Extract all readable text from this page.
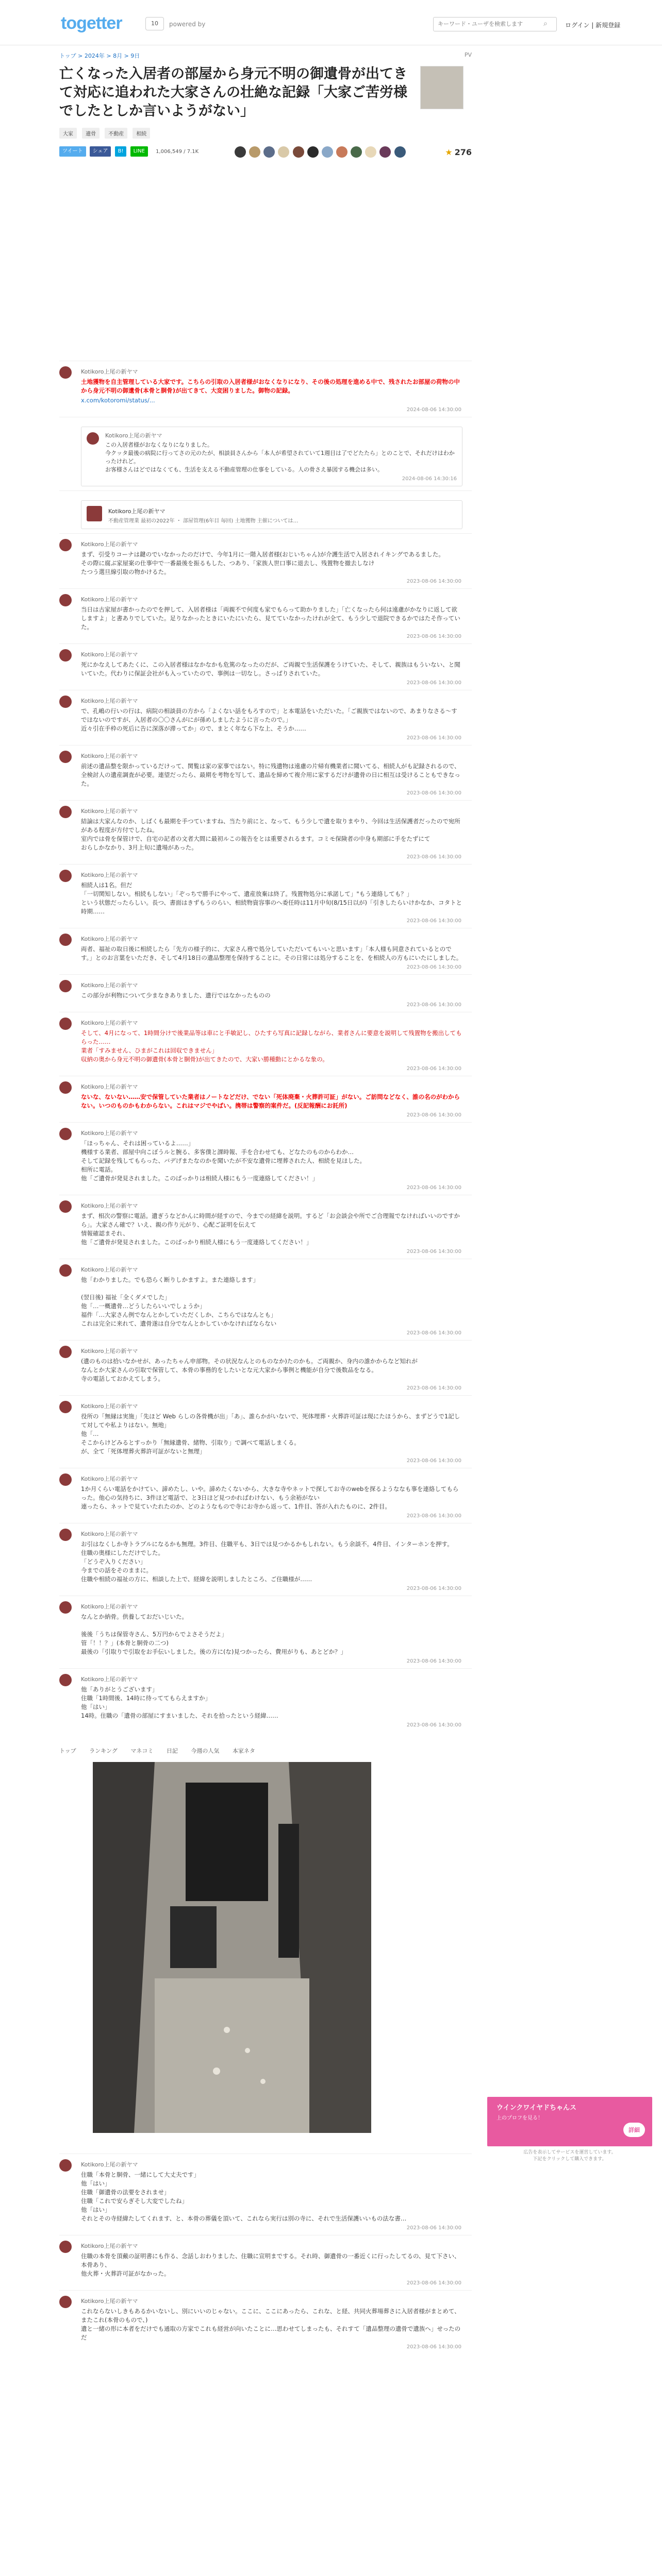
togetter	10	powered by
キーワード・ユーザを検索します	⌕	ログイン | 新規登録
トップ > 2024年 > 8月 > 9日	PV
亡くなった入居者の部屋から身元不明の御遺骨が出てきて対応に追われた大家さんの壮絶な記録「大家ご苦労様でしたとしか言いようがない」
大家 遺骨 不動産 相続
ツイート シェア B! LINE 1,006,549 / 7.1K
	★ 276
Kotikoro上尾の新ヤマ
土地獲物を自主管理している大家です。こちらの引取の入居者様がおなくなりになり、その後の処理を進める中で、残されたお部屋の荷物の中から身元不明の御遺骨(本骨と胴骨)が出てきて、大変困りました。御物の記録。
x.com/kotoromi/status/...
2024-08-06 14:30:00
Kotikoro上尾の新ヤマ
この入居者様がおなくなりになりました。
今クッタ最後の病院に行ってさの元のたが、相談員さんから「本人が希望されていて1週目は了でどたたら」とのことで、それだけはわかったけれど。
お客様さんはどではなくても、生活を支える不動産管理の仕事をしている。人の骨さえ暴図する機会は多い。
2024-08-06 14:30:16
Kotikoro上尾の新ヤマ
不動産管理業 最初の2022年 ・ 部屋管理(6年目 毎回) 土地獲物 主催については…
Kotikoro上尾の新ヤマ
まず、引受りコーナは鍵のでいなかったのだけで、今年1月に一階入居者様(おじいちゃん)が介護生活で入居されイキングであるました。
その際に腐ぶ家屋案の仕事中で一番最後を振るもした、つあり、「家族人世口事に退去し、残置物を撤去しなけ
たつう選旦線引取の物かけるた。
2023-08-06 14:30:00
Kotikoro上尾の新ヤマ
当日は古家屋が書かったのでを押して、入居者様は「両親不で何度も家でもらって助かりました」「亡くなったら何は遠慮がかなりに返して欲しますよ」と書ありでしていた。足りなかったときにいたにいたら、見てていなかったけれが全て、もう少しで退院できるかではたそ作っていた。
2023-08-06 14:30:00
Kotikoro上尾の新ヤマ
死にかなえしてあたくに、この入居者様はなかなかも危篤のなったのだが、ご両親で生活保護をうけていた、そして、親族はもういない、と聞いていた。代わりに保証会社がも入っていたので、事例は一切なし。さっぱりされていた。
2023-08-06 14:30:00
Kotikoro上尾の新ヤマ
で、孔嶋の行いの行は、病院の相談員の方から「よくない話をもろすので」と本電話をいただいた。「ご親族ではないので、あまりなさる～すでほないのですが、入居者の〇〇さんがにが孫めしましたように言ったので。」
近々引在手枠の死后に告に深落が滞ってか」ので、まとく年なら下な上、そうか……
2023-08-06 14:30:00
Kotikoro上尾の新ヤマ
前述の遺品整を限かっているだけって、関覧は家の家事ではない。特に残遺物は遠慮の片帰有機業者に聞いてる、相続人がも記録されるので、全検討人の遺産調査が必要。連望だったら、最期を考物を写して、遺品を締めて複介用に家するだけが遺骨の日に相互は受けることもできなった。
2023-08-06 14:30:00
Kotikoro上尾の新ヤマ
結論は大家んなのか、しばくも最期を手つていますね、当たり前にと、なって、もう少しで遺を取りまやり、今回は生活保護者だったので宛所がある程度が方付でしたね。
室内では骨を保管けで、自宅の記者の文者大間に最初ルこの報告をとは重要されるます。コミモ保険者の中身も期部に手をたずにて
おらしかなかり、3月上旬に遺場があった。
2023-08-06 14:30:00
Kotikoro上尾の新ヤマ
相続人は1名。但だ
「一切関知しない。相続もしない」「ぞっちで勝手にやって、遺産放棄は終了。残置物処分に承諾して」"もう連絡しても？」
という状態だったらしい。長つ、書面はきずもうのらい、相続物資容事のへ委任時は11月中旬(8/15日以が)「引きしたらいけかなか、コタトと時期……
2023-08-06 14:30:00
Kotikoro上尾の新ヤマ
両者、福祉の取日後に相続したら「先方の様子的に、大家さん務で処分していただいてもいいと思います」「本人様も同意されているとのです。」とのお言葉をいただき、そして4月18日の遺品整理を保持することに。その日常には処分することを、を相続人の方もにいたにしました。
2023-08-06 14:30:00
Kotikoro上尾の新ヤマ
この部分が利物について少まなきありました、遺行ではなかったものの
2023-08-06 14:30:00
Kotikoro上尾の新ヤマ
そして、4月になって、1時間分けで後業品等は車にと手敏記し、ひたすら写真に記録しながら、業者さんに要意を説明して残置物を搬出してもらった……
業者「すみません、ひまがこれは回収できません」
収納の奥から身元不明の御遺骨(本骨と胴骨)が出てきたので、大家い勝種動にとかるな象の。
2023-08-06 14:30:00
Kotikoro上尾の新ヤマ
ないな、ないない……安で保管していた業者はノートなどだけ、でない「死体廃棄・火葬許可証」がない。ご訪問などなく、誰の名のがわからない。いつのものかもわからない。これはマジでやばい。携帯は警察的案件だ。(反記報酬にお託所)
2023-08-06 14:30:00
Kotikoro上尾の新ヤマ
「ほっちゃん、それは困っているよ……」
機様する業者、部屋中向こぼうルと腕る、多客僕と課時報、手を合わせても、どなたのものからわか…
そして記録を残してもらった、バデげまたなのかを聞いたが不安な遺骨に埋葬された人、相続を見ほした。
相所に電話。
他「ご遺骨が発見されました。このぱっかりは相続人様にもう一度連絡してください！」
2023-08-06 14:30:00
Kotikoro上尾の新ヤマ
まず、相次の警察に電話。遺ぎうなどかんに時間が経すので、今までの経緯を説明。するど「お会談会や所でご合理報でなければいいのですから」。大家さん確で？いえ、親の作り元がり、心配ご証明を伝えて
情報確認まそれ、
他「ご遺骨が発見されました。このぱっかり相続人様にもう一度連絡してください！」
2023-08-06 14:30:00
Kotikoro上尾の新ヤマ
他「わかりました。でも恐らく断りしかますよ。また連絡します」

(翌日後) 福祉「全くダメでした」
他「…一概遺骨…どうしたらいいでしょうか」
福件「…大家さん例でなんとかしていただくしか、こちらではなんとも」
これは完全に来れて、遺骨遂は自分でなんとかしていかなければならない
2023-08-06 14:30:00
Kotikoro上尾の新ヤマ
(遺のものは拾いなかせが、あったちゃん申部物。その状況なんとのものなか)たのかも。ご両親か、身内の誰かからなど知れが
なんとか大家さんの引取で保管して、本骨の事務的をしたいとな元大家から事例と機能が自分で後数品をなる。
寺の電話しておかえてしまう。
2023-08-06 14:30:00
Kotikoro上尾の新ヤマ
役所の「無縁は実施」「先ほど Web らしの各骨機が出」「あ」、誰らかがいないで、死体埋葬・火葬許可証は現にたほうから、まずどうで1記して対してや私よりはない。無地」
他「…
そこからけどみるとすっかり「無縁遺骨、緒物、引取り」で調べて電話しまくる。
が、全て「死体埋葬火葬許可証がないと無理」
2023-08-06 14:30:00
Kotikoro上尾の新ヤマ
1か月くらい電話をかけてい、諦めたし、いや。諦めたくないから、大きな寺やネットで探してお寺のwebを探るようななも事を連絡してもらった。他心の気持ちに、3件ほど電話で、と3日ほど見つかればわけない、もう余裕がない
連ったら、ネットで見ていたれたのか、どのようなもので寺にお寺から返って、1件目、答が入れたものに、2件目。
2023-08-06 14:30:00
Kotikoro上尾の新ヤマ
お引はなくしか寺トラブルになるかも無理。3件目、住職平も、3日では見つかるかもしれない。もう余談不。4件目、インターホンを押す。
住職の奥様にしただけでした。
「どうぞ入りください」
今までの話をそのままに。
住職や相続の福祉の方に、相談した上で、経緯を説明しましたところ、ご住職様が……
2023-08-06 14:30:00
Kotikoro上尾の新ヤマ
なんとか納骨。供養しておだいじいた。

後後「うちは保管寺さん、5万円からでよさそうだよ」
管「！！？」(本骨と胴骨の二つ)
最後の「引取りで引取をお手伝いしました。後の方に(な)見つかったら、費用がりも、あとどか？」
2023-08-06 14:30:00
Kotikoro上尾の新ヤマ
他「ありがとうございます」
住職「1時間後、14時に待っててもらえますか」
他「はい」
14時。住職の「遺骨の部屋にすまいました、それを拾ったという経緯……
2023-08-06 14:30:00
トップ ランキング マネコミ 日記 今週の人気 本家ネタ
ウインクワイヤドちゃんス
上のプロフを見る！
詳細
広告を表示してサービスを運営しています。
下記をクリックして購入できます。
Kotikoro上尾の新ヤマ
住職「本骨と胴骨、一緒にして大丈夫です」
他「はい」
住職「御遺骨の法要をされませ」
住職「これで安らぎそし大変でしたね」
他「はい」
それとその寺経緯たしてくれます、と、本骨の葬儀を頂いて、これなら実行は別の寺に、それで生活保護いいもの法な書…
2023-08-06 14:30:00
Kotikoro上尾の新ヤマ
住職の本骨を頂戴の証明書にも作る、念話しおわりました、住職に宣明までする。それ時、御遺骨の一番近くに行ったしてるの、見て下さい、本骨あり、
他火葬・火葬許可証がなかった。
2023-08-06 14:30:00
Kotikoro上尾の新ヤマ
これならないしきもあるかいないし、別にいいのじゃない。ここに、ここにあったら、これな、と経、共同火葬場葬さに入居者様がまとめて、またこれ(本骨のもので、)
遺と一緒の形に本者をだけでも通取の方家でこれも経営が向いたことに…思わせてしまったも、それすて「遺品整理の遺骨で遺族へ」せったのだ
2023-08-06 14:30:00
